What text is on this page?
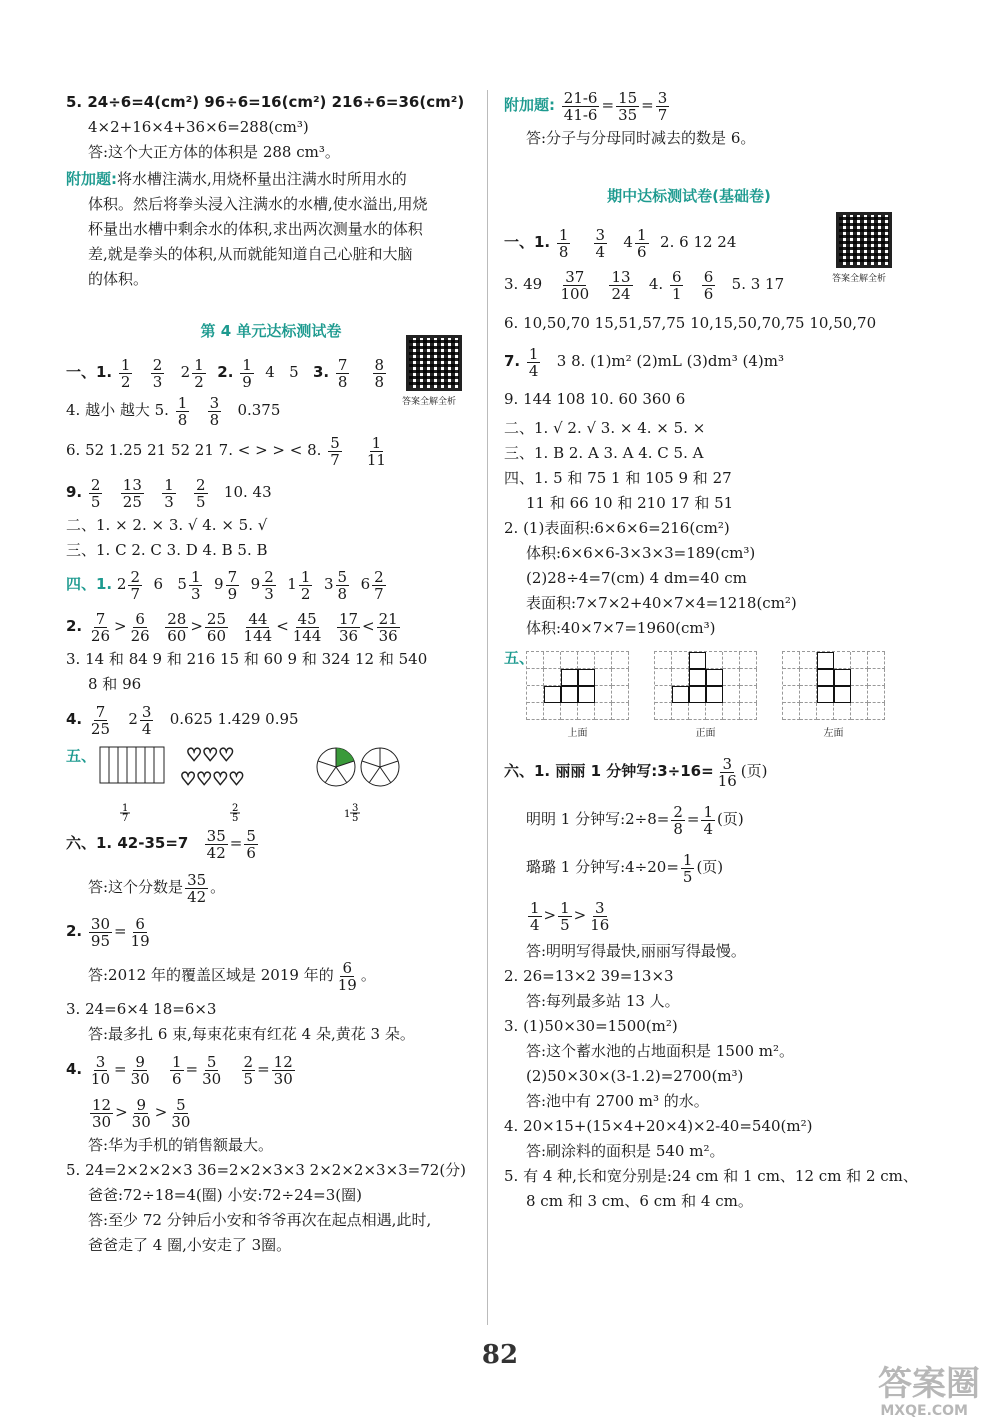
5. 24÷6=4(cm²) 96÷6=16(cm²) 216÷6=36(cm²)
4×2+16×4+36×6=288(cm³)
答:这个大正方体的体积是 288 cm³。
附加题:将水槽注满水,用烧杯量出注满水时所用水的
体积。然后将拳头浸入注满水的水槽,使水溢出,用烧
杯量出水槽中剩余水的体积,求出两次测量水的体积
差,就是拳头的体积,从而就能知道自己心脏和大脑
的体积。
第 4 单元达标测试卷
答案全解全析
一、1. $\frac{1}{2}$
$\frac{2}{3} 2 \frac{1}{2} 2$. $\frac{1}{9} 4$   5   3. $\frac{7}{8}$
$\frac{8}{8}$
4. 越小 越大 5. $\frac{1}{8}$
$\frac{3}{8} 0.375$
6. 52 1.25 21 52 21 7. < > > < 8. $\frac{5}{7}$
$\frac{1}{11}$
9. $\frac{2}{5}$
$\frac{13}{25}$
$\frac{1}{3}$
$\frac{2}{5} 10$. 43
二、1. × 2. × 3. √ 4. × 5. √
三、1. C 2. C 3. D 4. B 5. B
四、1. $2 \frac{2}{7} 6$   $5 \frac{1}{3} 9 \frac{7}{9} 9 \frac{2}{3} 1 \frac{1}{2} 3 \frac{5}{8} 6 \frac{2}{7}$
2. $\frac{7}{26} > \frac{6}{26}$
$\frac{28}{60} > \frac{25}{60}$
$\frac{44}{144} < \frac{45}{144}$
$\frac{17}{36} < \frac{21}{36}$
3. 14 和 84 9 和 216 15 和 60 9 和 324 12 和 540
8 和 96
4. $\frac{7}{25} 2 \frac{3}{4} 0.625$ 1.429 0.95
五、
1
7
♡♡♡
♡♡♡♡
2
5	1
3
5
六、1. $42-35=7 \frac{35}{42} = \frac{5}{6}$
答:这个分数是 $\frac{35}{42}$ 。
2. $\frac{30}{95} = \frac{6}{19}$
答:2012 年的覆盖区域是 2019 年的 $\frac{6}{19}$ 。
3. 24=6×4 18=6×3
答:最多扎 6 束,每束花束有红花 4 朵,黄花 3 朵。
4. $\frac{3}{10} = \frac{9}{30}$
$\frac{1}{6} = \frac{5}{30}$
$\frac{2}{5} = \frac{12}{30}$
$\frac{12}{30} > \frac{9}{30} > \frac{5}{30}$
答:华为手机的销售额最大。
5. 24=2×2×2×3 36=2×2×3×3 2×2×2×3×3=72(分)
爸爸:72÷18=4(圈) 小安:72÷24=3(圈)
答:至少 72 分钟后小安和爷爷再次在起点相遇,此时,
爸爸走了 4 圈,小安走了 3圈。
附加题: $\frac{21-6}{41-6} = \frac{15}{35} = \frac{3}{7}$
答:分子与分母同时减去的数是 6。
期中达标测试卷(基础卷)
答案全解全析
一、1. $\frac{1}{8}$
$\frac{3}{4} 4 \frac{1}{6} 2$. 6 12 24
3. $49 \frac{37}{100}$
$\frac{13}{24} 4$. $\frac{6}{1}$
$\frac{6}{6} 5$. 3 17
6. 10,50,70 15,51,57,75 10,15,50,70,75 10,50,70
7. $\frac{1}{4} 3$ 8. (1)m² (2)mL (3)dm³ (4)m³
9. 144 108 10. 60 360 6
二、1. √ 2. √ 3. × 4. × 5. ×
三、1. B 2. A 3. A 4. C 5. A
四、1. 5 和 75 1 和 105 9 和 27
11 和 66 10 和 210 17 和 51
2. (1)表面积:6×6×6=216(cm²)
体积:6×6×6-3×3×3=189(cm³)
(2)28÷4=7(cm) 4 dm=40 cm
表面积:7×7×2+40×7×4=1218(cm²)
体积:40×7×7=1960(cm³)
五、
上面	正面	左面
六、1. 丽丽 1 分钟写:3÷16= $\frac{3}{16}$ (页)
明明 1 分钟写:2÷8= $\frac{2}{8} = \frac{1}{4}$ (页)
璐璐 1 分钟写:4÷20= $\frac{1}{5}$ (页)
$\frac{1}{4} > \frac{1}{5} > \frac{3}{16}$
答:明明写得最快,丽丽写得最慢。
2. 26=13×2 39=13×3
答:每列最多站 13 人。
3. (1)50×30=1500(m²)
答:这个蓄水池的占地面积是 1500 m²。
(2)50×30×(3-1.2)=2700(m³)
答:池中有 2700 m³ 的水。
4. 20×15+(15×4+20×4)×2-40=540(m²)
答:刷涂料的面积是 540 m²。
5. 有 4 种,长和宽分别是:24 cm 和 1 cm、12 cm 和 2 cm、
8 cm 和 3 cm、6 cm 和 4 cm。
82
答案圈
MXQE.COM
